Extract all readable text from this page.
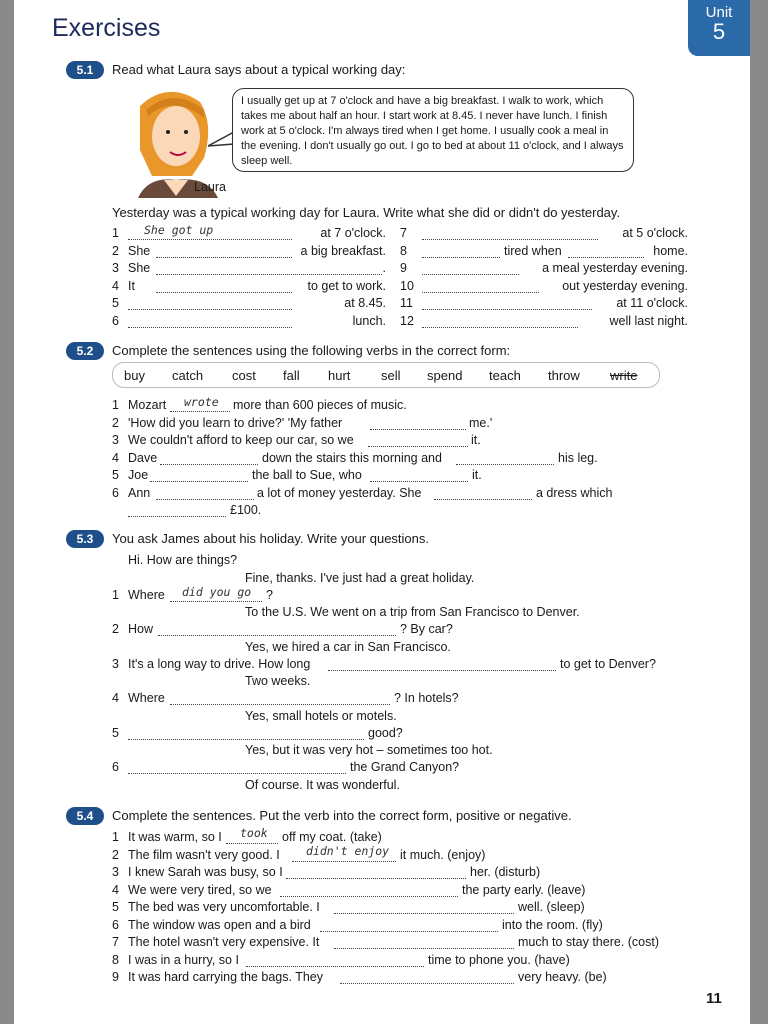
Exercises
Unit
5
5.1	Read what Laura says about a typical working day:

I usually get up at 7 o'clock and have a big breakfast. I walk to work, which takes me about half an hour. I start work at 8.45. I never have lunch. I finish work at 5 o'clock. I'm always tired when I get home. I usually cook a meal in the evening. I don't usually go out. I go to bed at about 11 o'clock, and I always sleep well.

Laura
Yesterday was a typical working day for Laura. Write what she did or didn't do yesterday.
5.2	Complete the sentences using the following verbs in the correct form:
5.3	You ask James about his holiday. Write your questions.
5.4	Complete the sentences. Put the verb into the correct form, positive or negative.
11
1 She got up	at 7 o'clock.
2 She	a big breakfast.
3 She	.
4 It	to get to work.
5	at 8.45.
6	lunch.
7	at 5 o'clock.
8	tired when	home.
9	a meal yesterday evening.
10	out yesterday evening.
11	at 11 o'clock.
12	well last night.
buy catch cost fall hurt sell spend teach throw write
1 Mozart wrote more than 600 pieces of music.
2 'How did you learn to drive?' 'My father	me.'
3 We couldn't afford to keep our car, so we	it.
4 Dave	down the stairs this morning and	his leg.
5 Joe	the ball to Sue, who	it.
6 Ann	a lot of money yesterday. She	a dress which
£100.
Hi. How are things?
Fine, thanks. I've just had a great holiday.
1 Where did you go ?
To the U.S. We went on a trip from San Francisco to Denver.
2 How	? By car?
Yes, we hired a car in San Francisco.
3 It's a long way to drive. How long	to get to Denver?
Two weeks.
4 Where	? In hotels?
Yes, small hotels or motels.
5	good?
Yes, but it was very hot – sometimes too hot.
6	the Grand Canyon?
Of course. It was wonderful.
1 It was warm, so I took off my coat. (take)
2 The film wasn't very good. I didn't enjoy it much. (enjoy)
3 I knew Sarah was busy, so I	her. (disturb)
4 We were very tired, so we	the party early. (leave)
5 The bed was very uncomfortable. I	well. (sleep)
6 The window was open and a bird	into the room. (fly)
7 The hotel wasn't very expensive. It	much to stay there. (cost)
8 I was in a hurry, so I	time to phone you. (have)
9 It was hard carrying the bags. They	very heavy. (be)
